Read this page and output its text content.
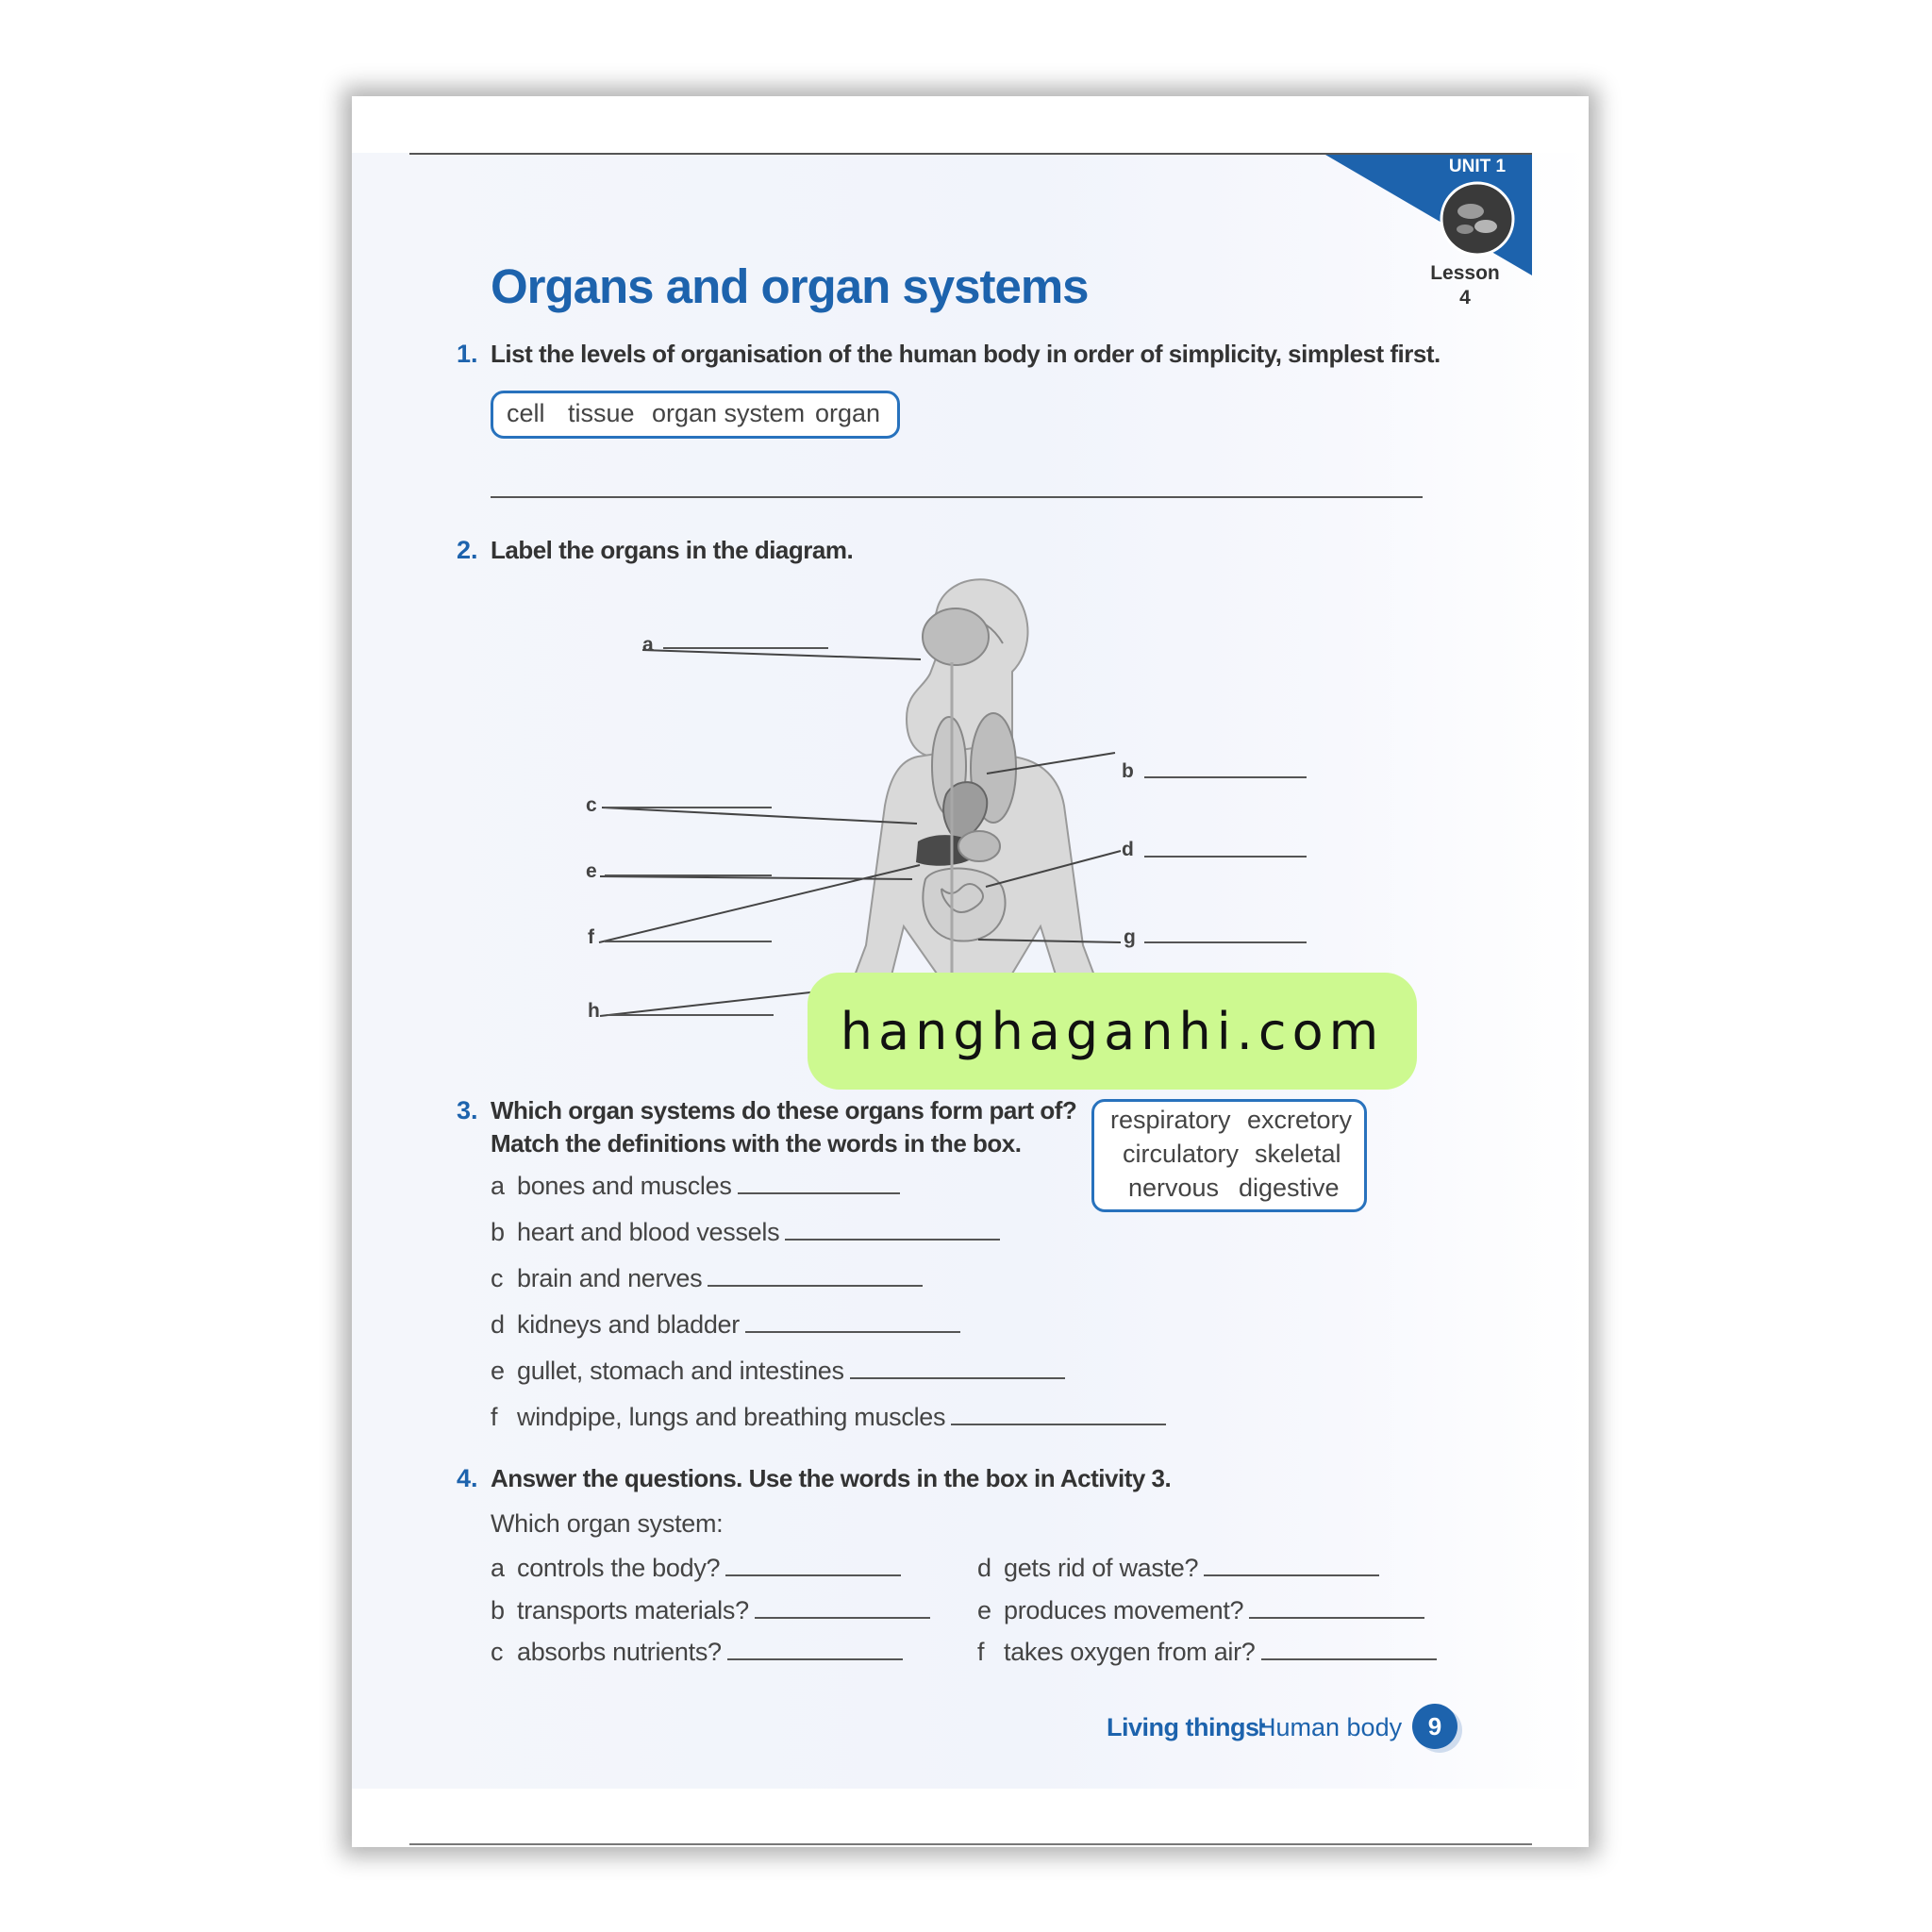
UNIT 1
Lesson
4
Organs and organ systems
1. List the levels of organisation of the human body in order of simplicity, simplest first.
cell tissue organ system organ
2. Label the organs in the diagram.
a
b
c
d
e
f	g
h
3. Which organ systems do these organs form part of?
Match the definitions with the words in the box.
respiratory excretory
circulatory skeletal
nervous digestive
a bones and muscles
b heart and blood vessels
c brain and nerves
d kidneys and bladder
e gullet, stomach and intestines
f windpipe, lungs and breathing muscles
4. Answer the questions. Use the words in the box in Activity 3.
Which organ system:
a controls the body?
b transports materials?
c absorbs nutrients?
d gets rid of waste?
e produces movement?
f takes oxygen from air?
Living things:
Human body	9
hanghaganhi.com
